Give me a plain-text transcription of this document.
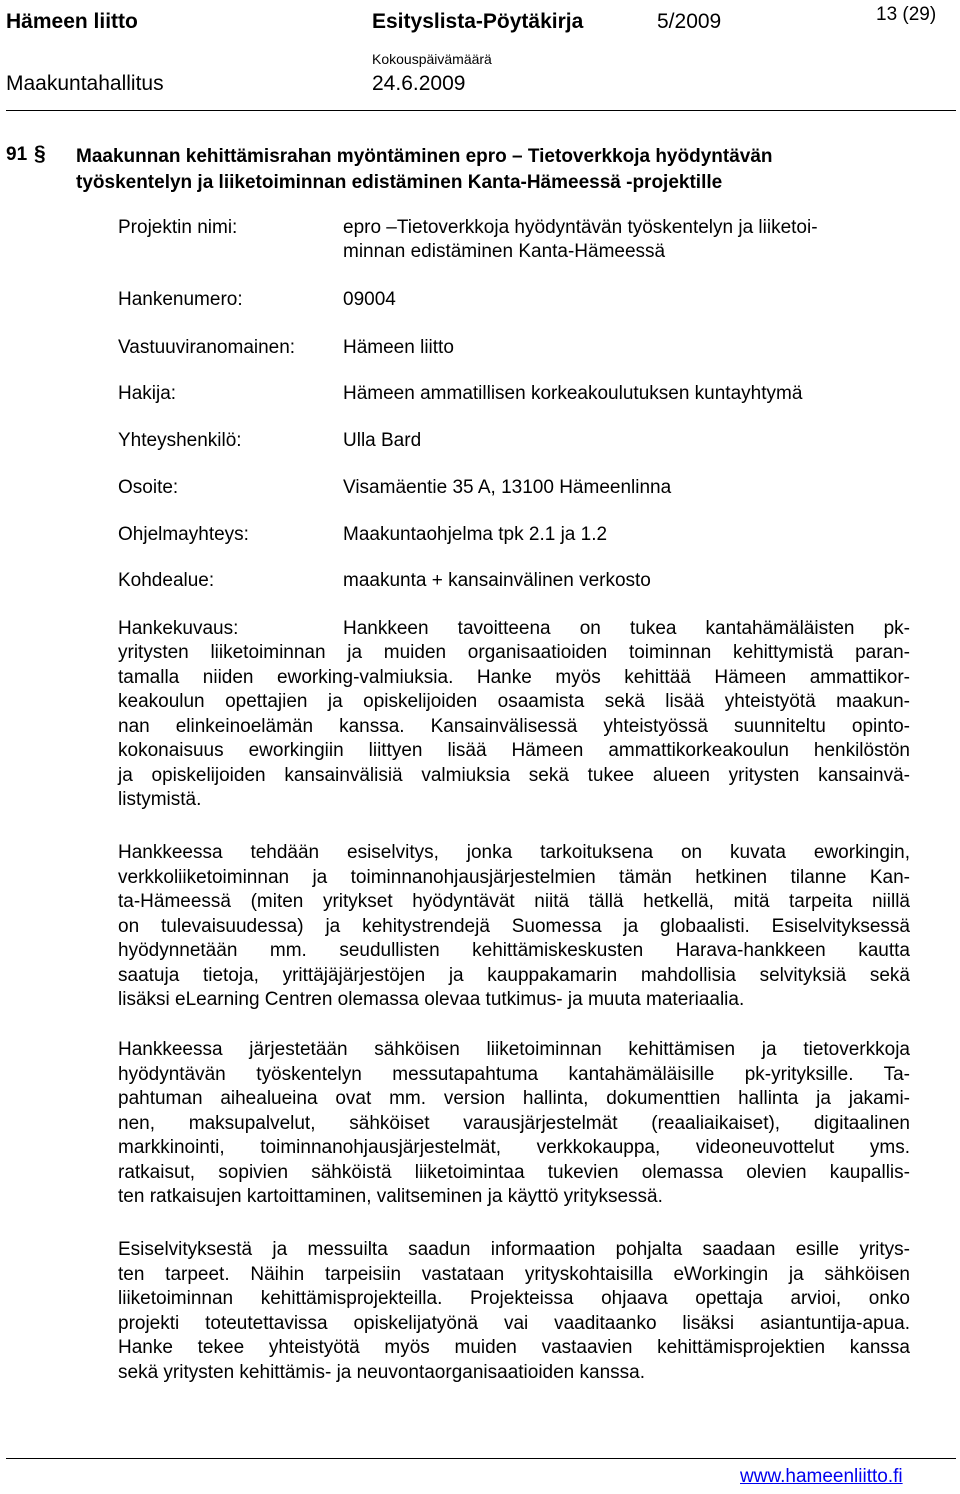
Hämeen liitto	Esityslista-Pöytäkirja	5/2009	13 (29)
Maakuntahallitus
Kokouspäivämäärä
24.6.2009
91 § Maakunnan kehittämisrahan myöntäminen epro – Tietoverkkoja hyödyntävän
työskentelyn ja liiketoiminnan edistäminen Kanta-Hämeessä -projektille
Projektin nimi:	epro –Tietoverkkoja hyödyntävän työskentelyn ja liiketoi-
minnan edistäminen Kanta-Hämeessä
Hankenumero:	09004
Vastuuviranomainen:	Hämeen liitto
Hakija:	Hämeen ammatillisen korkeakoulutuksen kuntayhtymä
Yhteyshenkilö:	Ulla Bard
Osoite:	Visamäentie 35 A, 13100 Hämeenlinna
Ohjelmayhteys:	Maakuntaohjelma tpk 2.1 ja 1.2
Kohdealue:	maakunta + kansainvälinen verkosto
Hankekuvaus:	Hankkeen tavoitteena on tukea kantahämäläisten pk-
yritysten liiketoiminnan ja muiden organisaatioiden toiminnan kehittymistä paran-
tamalla niiden eworking-valmiuksia. Hanke myös kehittää Hämeen ammattikor-
keakoulun opettajien ja opiskelijoiden osaamista sekä lisää yhteistyötä maakun-
nan elinkeinoelämän kanssa. Kansainvälisessä yhteistyössä suunniteltu opinto-
kokonaisuus eworkingiin liittyen lisää Hämeen ammattikorkeakoulun henkilöstön
ja opiskelijoiden kansainvälisiä valmiuksia sekä tukee alueen yritysten kansainvä-
listymistä.
Hankkeessa tehdään esiselvitys, jonka tarkoituksena on kuvata eworkingin,
verkkoliiketoiminnan ja toiminnanohjausjärjestelmien tämän hetkinen tilanne Kan-
ta-Hämeessä (miten yritykset hyödyntävät niitä tällä hetkellä, mitä tarpeita niillä
on tulevaisuudessa) ja kehitystrendejä Suomessa ja globaalisti. Esiselvityksessä
hyödynnetään mm. seudullisten kehittämiskeskusten Harava-hankkeen kautta
saatuja tietoja, yrittäjäjärjestöjen ja kauppakamarin mahdollisia selvityksiä sekä
lisäksi eLearning Centren olemassa olevaa tutkimus- ja muuta materiaalia.
Hankkeessa järjestetään sähköisen liiketoiminnan kehittämisen ja tietoverkkoja
hyödyntävän työskentelyn messutapahtuma kantahämäläisille pk-yrityksille. Ta-
pahtuman aihealueina ovat mm. version hallinta, dokumenttien hallinta ja jakami-
nen, maksupalvelut, sähköiset varausjärjestelmät (reaaliaikaiset), digitaalinen
markkinointi, toiminnanohjausjärjestelmät, verkkokauppa, videoneuvottelut yms.
ratkaisut, sopivien sähköistä liiketoimintaa tukevien olemassa olevien kaupallis-
ten ratkaisujen kartoittaminen, valitseminen ja käyttö yrityksessä.
Esiselvityksestä ja messuilta saadun informaation pohjalta saadaan esille yritys-
ten tarpeet. Näihin tarpeisiin vastataan yrityskohtaisilla eWorkingin ja sähköisen
liiketoiminnan kehittämisprojekteilla. Projekteissa ohjaava opettaja arvioi, onko
projekti toteutettavissa opiskelijatyönä vai vaaditaanko lisäksi asiantuntija-apua.
Hanke tekee yhteistyötä myös muiden vastaavien kehittämisprojektien kanssa
sekä yritysten kehittämis- ja neuvontaorganisaatioiden kanssa.
www.hameenliitto.fi
